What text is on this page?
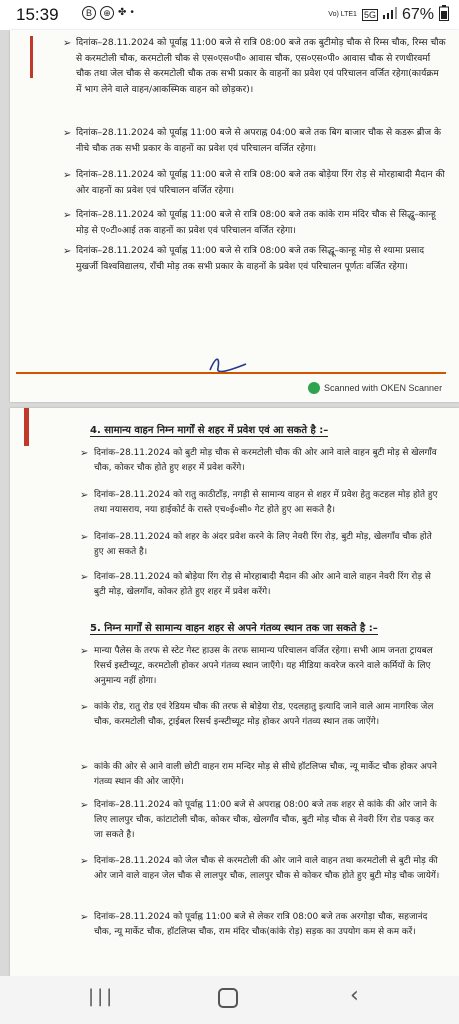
15:39	B	⊕ ✤ •	Vo) LTE1 5G 67%
➢ दिनांक–28.11.2024 को पूर्वाह्न 11:00 बजे से रात्रि 08:00 बजे तक बुटीमोड़ चौक से रिम्स चौक, रिम्स चौक से करमटोली चौक, करमटोली चौक से एस०एस०पी० आवास चौक, एस०एस०पी० आवास चौक से रणधीरवर्मा चौक तथा जेल चौक से करमटोली चौक तक सभी प्रकार के वाहनों का प्रवेश एवं परिचालन वर्जित रहेगा(कार्यक्रम में भाग लेने वाले वाहन/आकस्मिक वाहन को छोड़कर)।
➢ दिनांक–28.11.2024 को पूर्वाह्न 11:00 बजे से अपराह्न 04:00 बजे तक बिग बाजार चौक से कडरू ब्रीज के नीचे चौक तक सभी प्रकार के वाहनों का प्रवेश एवं परिचालन वर्जित रहेगा।
➢ दिनांक–28.11.2024 को पूर्वाह्न 11:00 बजे से रात्रि 08:00 बजे तक बोड़ेया रिंग रोड़ से मोरहाबादी मैदान की ओर वाहनों का प्रवेश एवं परिचालन वर्जित रहेगा।
➢ दिनांक–28.11.2024 को पूर्वाह्न 11:00 बजे से रात्रि 08:00 बजे तक कांके राम मंदिर चौक से सिद्धु–कान्हू मोड़ से ए०टी०आई तक वाहनों का प्रवेश एवं परिचालन वर्जित रहेगा।
➢ दिनांक–28.11.2024 को पूर्वाह्न 11:00 बजे से रात्रि 08:00 बजे तक सिद्धू–कान्हू मोड़ से श्यामा प्रसाद मुखर्जी विश्वविद्यालय, राँची मोड़ तक सभी प्रकार के वाहनों के प्रवेश एवं परिचालन पूर्णतः वर्जित रहेगा।
Scanned with OKEN Scanner
4. सामान्य वाहन निम्न मार्गों से शहर में प्रवेश एवं आ सकते है :–
➢ दिनांक–28.11.2024 को बुटी मोड़ चौक से करमटोली चौक की ओर आने वाले वाहन बुटी मोड़ से खेलगाँव चौक, कोकर चौक होते हुए शहर में प्रवेश करेंगे।
➢ दिनांक–28.11.2024 को रातु काठीटाँड़, नगड़ी से सामान्य वाहन से शहर में प्रवेश हेतु कटहल मोड़ होते हुए तथा नयासराय, नया हाईकोर्ट के रास्ते एच०ई०सी० गेट होते हुए आ सकते है।
➢ दिनांक–28.11.2024 को शहर के अंदर प्रवेश करने के लिए नेवरी रिंग रोड़, बुटी मोड़, खेलगाँव चौक होते हुए आ सकते है।
➢ दिनांक–28.11.2024 को बोड़ेया रिंग रोड़ से मोरहाबादी मैदान की ओर आने वाले वाहन नेवरी रिंग रोड़ से बुटी मोड़, खेलगाँव, कोकर होते हुए शहर में प्रवेश करेंगे।
5. निम्न मार्गों से सामान्य वाहन शहर से अपने गंतव्य स्थान तक जा सकते है :–
➢ मान्या पैलेस के तरफ से स्टेट गेस्ट हाउस के तरफ सामान्य परिचालन वर्जित रहेगा। सभी आम जनता ट्रायबल रिसर्च इस्टीच्यूट, करमटोली होकर अपने गंतव्य स्थान जाएँगे। यह मीडिया कवरेज करने वाले कर्मियों के लिए अनुमान्य नहीं होगा।
➢ कांके रोड, रातु रोड एवं रेडियम चौक की तरफ से बोड़ेया रोड, एदलहातु इत्यादि जाने वाले आम नागरिक जेल चौक, करमटोली चौक, ट्राईबल रिसर्च इन्स्टीच्यूट मोड़ होकर अपने गंतव्य स्थान तक जाऐंगे।
➢ कांके की ओर से आने वाली छोटी वाहन राम मन्दिर मोड़ से सीधे हॉटलिप्स चौक, न्यू मार्केट चौक होकर अपने गंतव्य स्थान की ओर जाऐंगे।
➢ दिनांक–28.11.2024 को पूर्वाह्न 11:00 बजे से अपराह्न 08:00 बजे तक शहर से कांके की ओर जाने के लिए लालपुर चौक, कांटाटोली चौक, कोकर चौक, खेलगाँव चौक, बुटी मोड़ चौक से नेवरी रिंग रोड पकड़ कर जा सकते है।
➢ दिनांक–28.11.2024 को जेल चौक से करमटोली की ओर जाने वाले वाहन तथा करमटोली से बुटी मोड़ की ओर जाने वाले वाहन जेल चौक से लालपुर चौक, लालपुर चौक से कोकर चौक होते हुए बुटी मोड़ चौक जायेगें।
➢ दिनांक–28.11.2024 को पूर्वाह्न 11:00 बजे से लेकर रात्रि 08:00 बजे तक अरगोड़ा चौक, सहजानंद चौक, न्यू मार्केट चौक, हॉटलिप्स चौक, राम मंदिर चौक(कांके रोड़) सड़क का उपयोग कम से कम करें।
|||	‹
